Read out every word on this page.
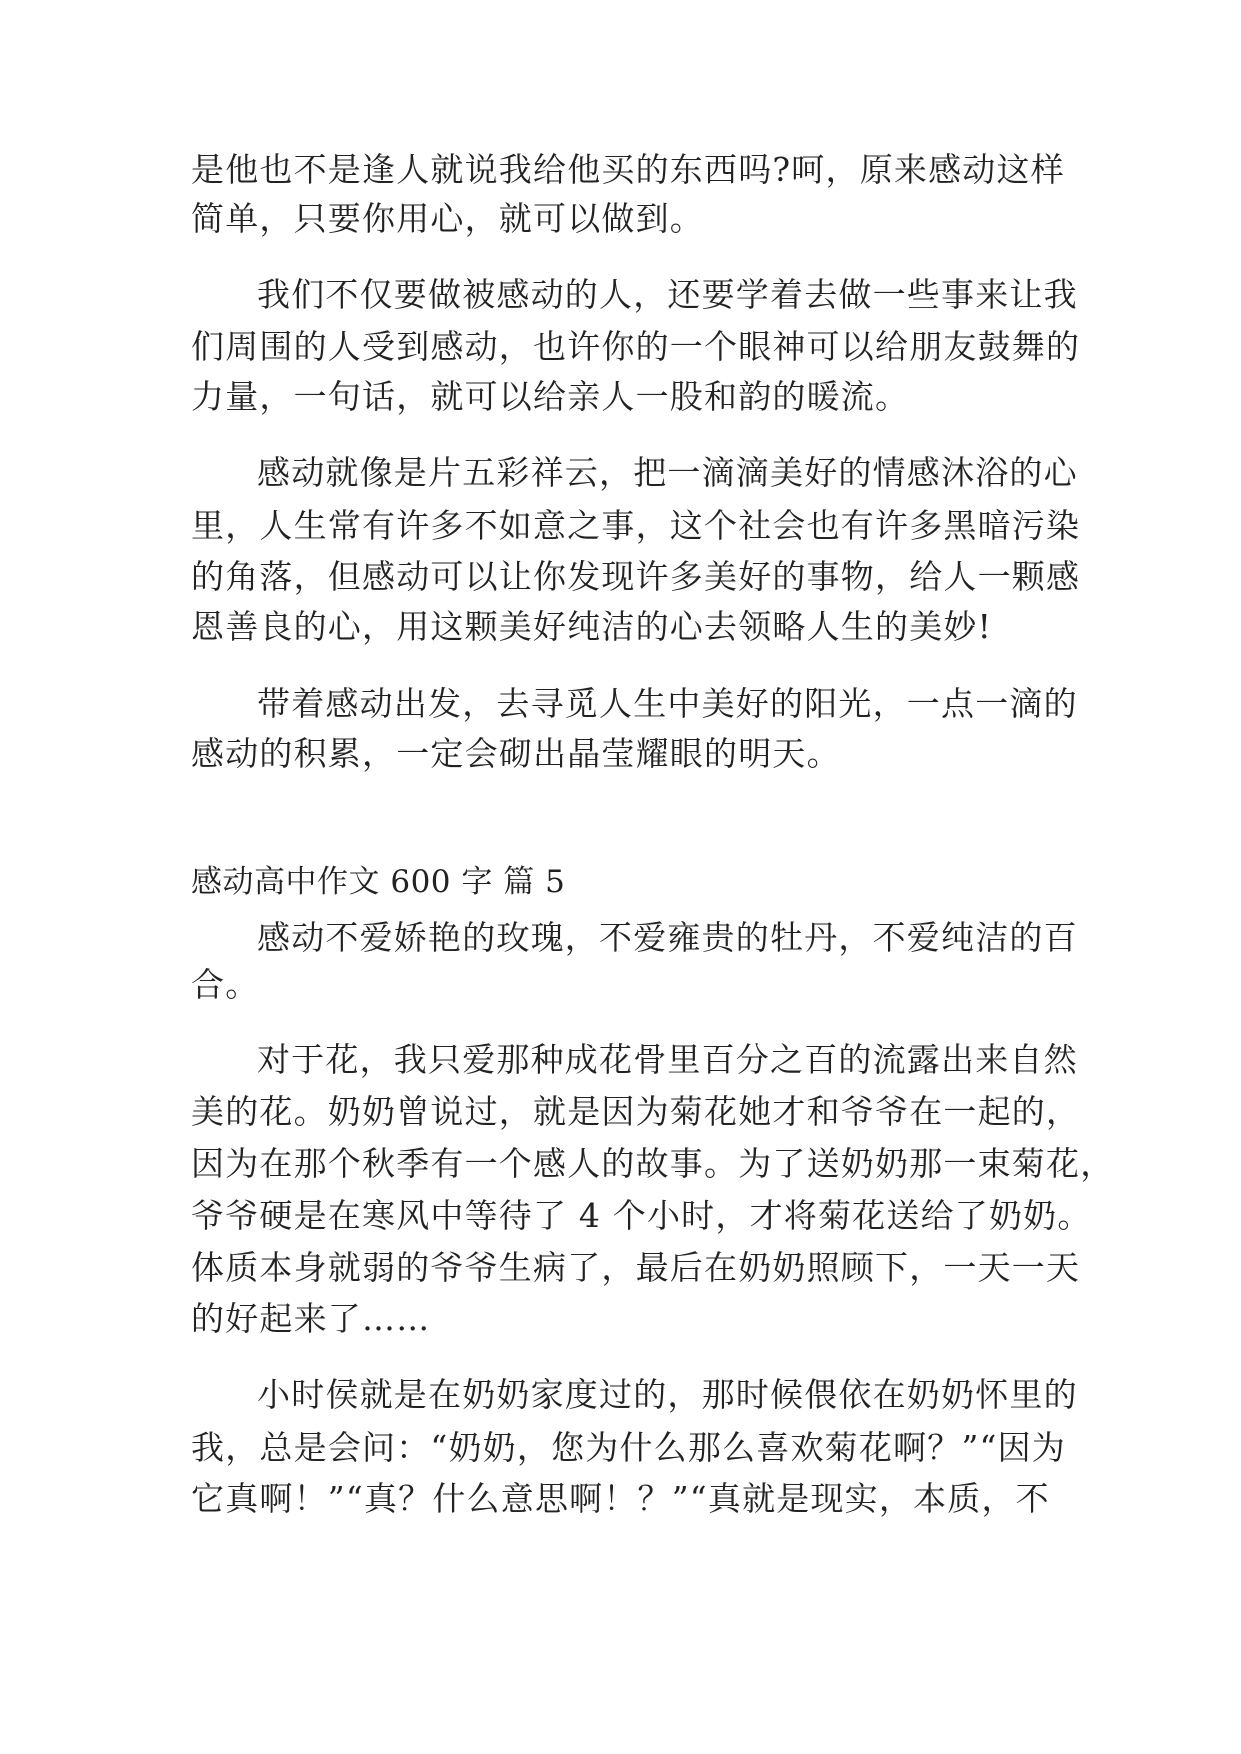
是他也不是逢人就说我给他买的东西吗?呵，原来感动这样
简单，只要你用心，就可以做到。
我们不仅要做被感动的人，还要学着去做一些事来让我
们周围的人受到感动，也许你的一个眼神可以给朋友鼓舞的
力量，一句话，就可以给亲人一股和韵的暖流。
感动就像是片五彩祥云，把一滴滴美好的情感沐浴的心
里，人生常有许多不如意之事，这个社会也有许多黑暗污染
的角落，但感动可以让你发现许多美好的事物，给人一颗感
恩善良的心，用这颗美好纯洁的心去领略人生的美妙!
带着感动出发，去寻觅人生中美好的阳光，一点一滴的
感动的积累，一定会砌出晶莹耀眼的明天。
感动高中作文 600 字 篇 5
感动不爱娇艳的玫瑰，不爱雍贵的牡丹，不爱纯洁的百
合。
对于花，我只爱那种成花骨里百分之百的流露出来自然
美的花。奶奶曾说过，就是因为菊花她才和爷爷在一起的，
因为在那个秋季有一个感人的故事。为了送奶奶那一束菊花，
爷爷硬是在寒风中等待了 4 个小时，才将菊花送给了奶奶。
体质本身就弱的爷爷生病了，最后在奶奶照顾下，一天一天
的好起来了……
小时侯就是在奶奶家度过的，那时候偎依在奶奶怀里的
我，总是会问：“奶奶，您为什么那么喜欢菊花啊？”“因为
它真啊！”“真？什么意思啊！？”“真就是现实，本质，不
